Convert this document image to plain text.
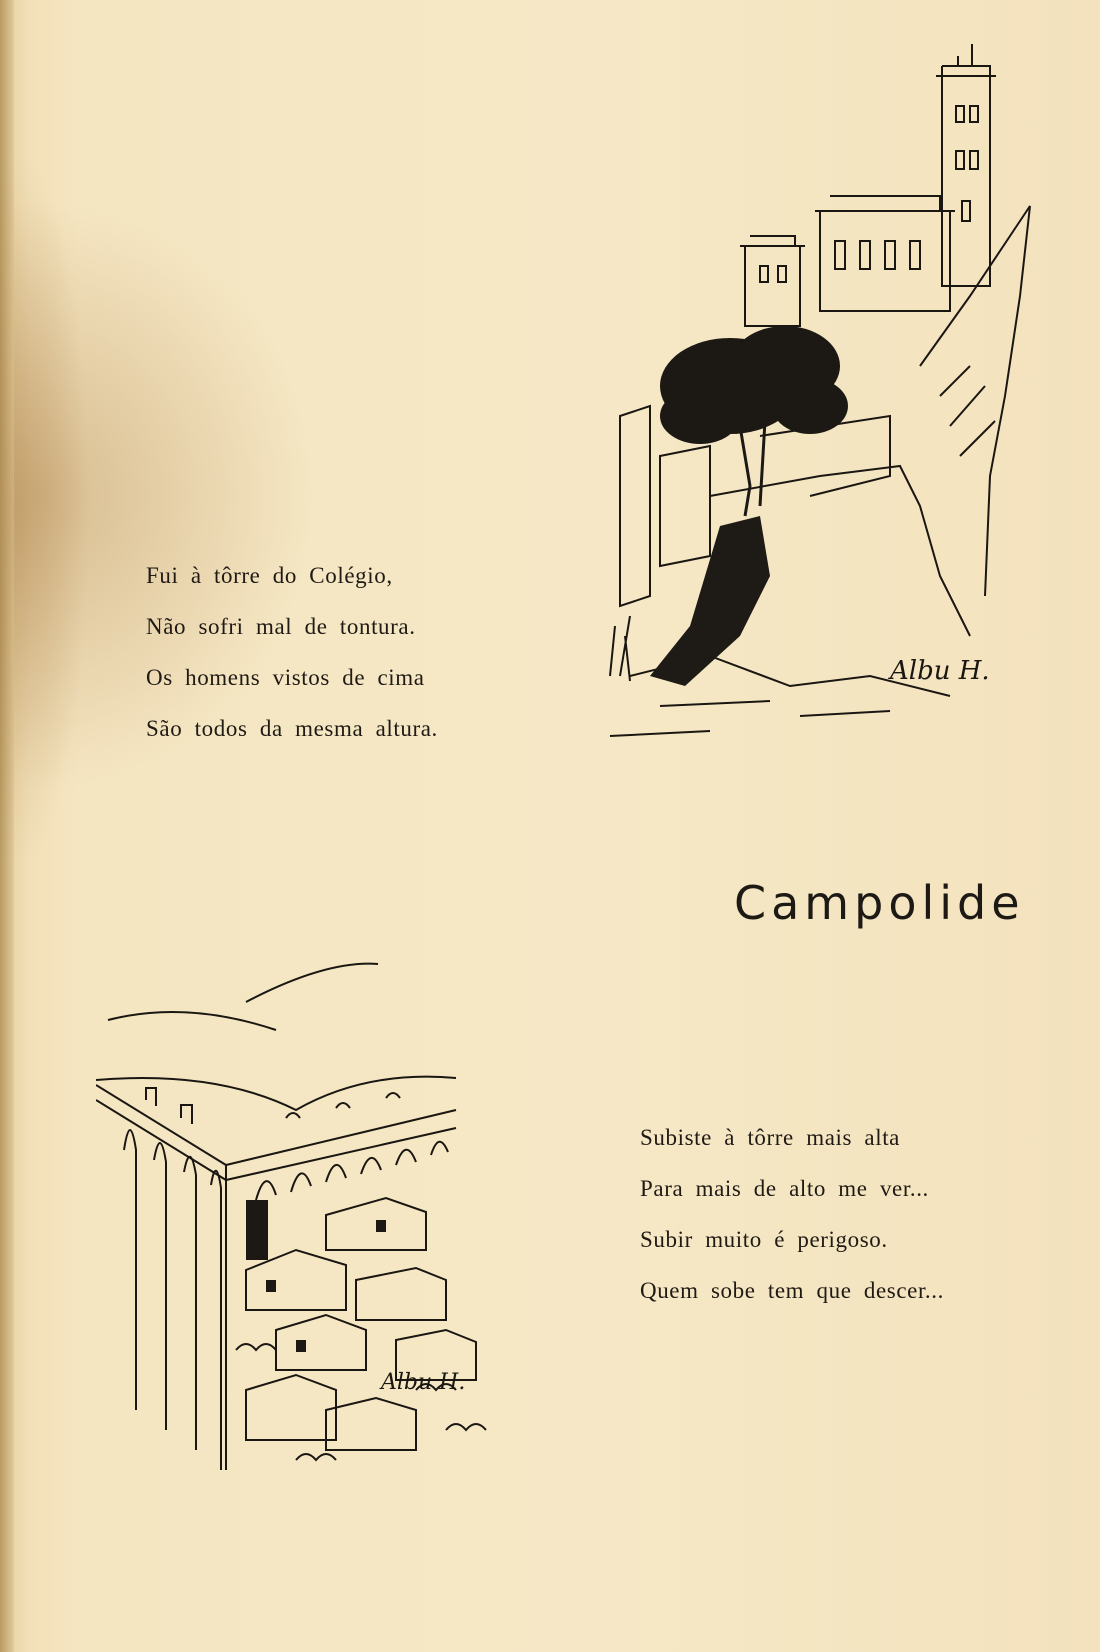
Albu H.
Fui à tôrre do Colégio,
Não sofri mal de tontura.
Os homens vistos de cima
São todos da mesma altura.
Campolide
Albu H.
Subiste à tôrre mais alta
Para mais de alto me ver...
Subir muito é perigoso.
Quem sobe tem que descer...
